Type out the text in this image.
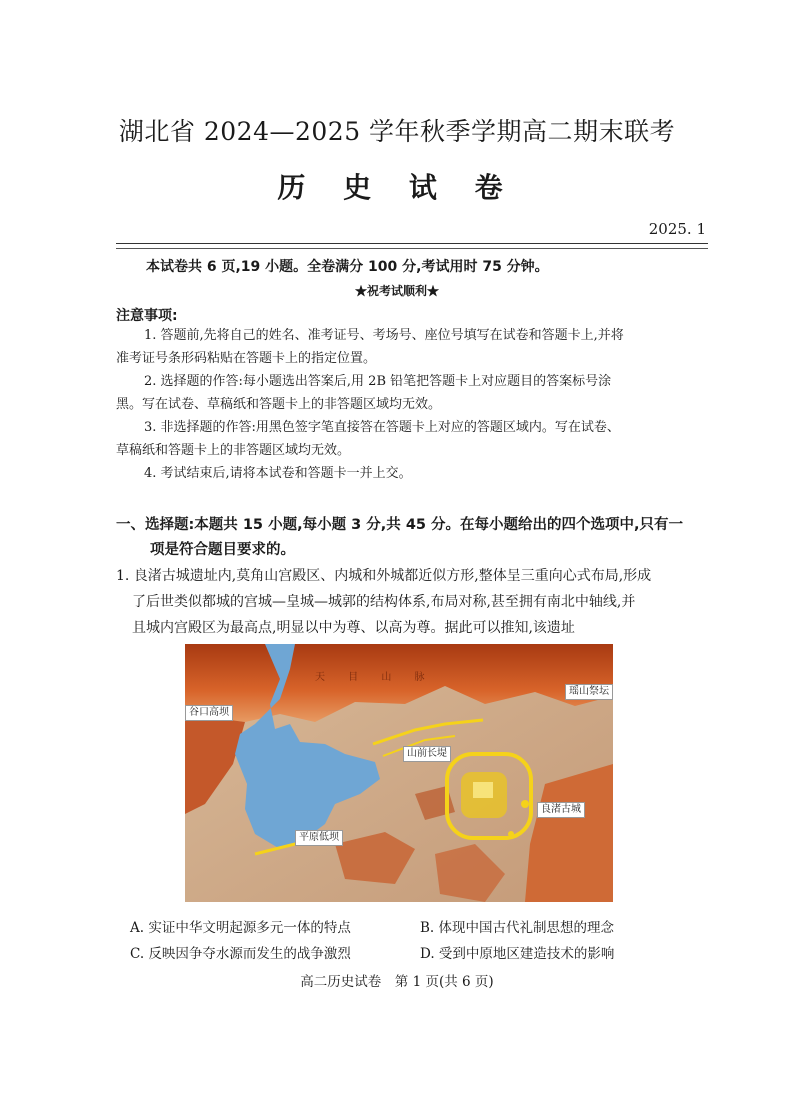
湖北省 2024—2025 学年秋季学期高二期末联考
历 史 试 卷
2025. 1
本试卷共 6 页,19 小题。全卷满分 100 分,考试用时 75 分钟。
★祝考试顺利★
注意事项:
1. 答题前,先将自己的姓名、准考证号、考场号、座位号填写在试卷和答题卡上,并将
准考证号条形码粘贴在答题卡上的指定位置。
2. 选择题的作答:每小题选出答案后,用 2B 铅笔把答题卡上对应题目的答案标号涂
黑。写在试卷、草稿纸和答题卡上的非答题区域均无效。
3. 非选择题的作答:用黑色签字笔直接答在答题卡上对应的答题区域内。写在试卷、
草稿纸和答题卡上的非答题区域均无效。
4. 考试结束后,请将本试卷和答题卡一并上交。
一、选择题:本题共 15 小题,每小题 3 分,共 45 分。在每小题给出的四个选项中,只有一
项是符合题目要求的。
1. 良渚古城遗址内,莫角山宫殿区、内城和外城都近似方形,整体呈三重向心式布局,形成
了后世类似都城的宫城—皇城—城郭的结构体系,布局对称,甚至拥有南北中轴线,并
且城内宫殿区为最高点,明显以中为尊、以高为尊。据此可以推知,该遗址
谷口高坝
瑶山祭坛
山前长堤
良渚古城
平原低坝
天 目 山 脉
A. 实证中华文明起源多元一体的特点	B. 体现中国古代礼制思想的理念
C. 反映因争夺水源而发生的战争激烈	D. 受到中原地区建造技术的影响
高二历史试卷　第 1 页(共 6 页)
